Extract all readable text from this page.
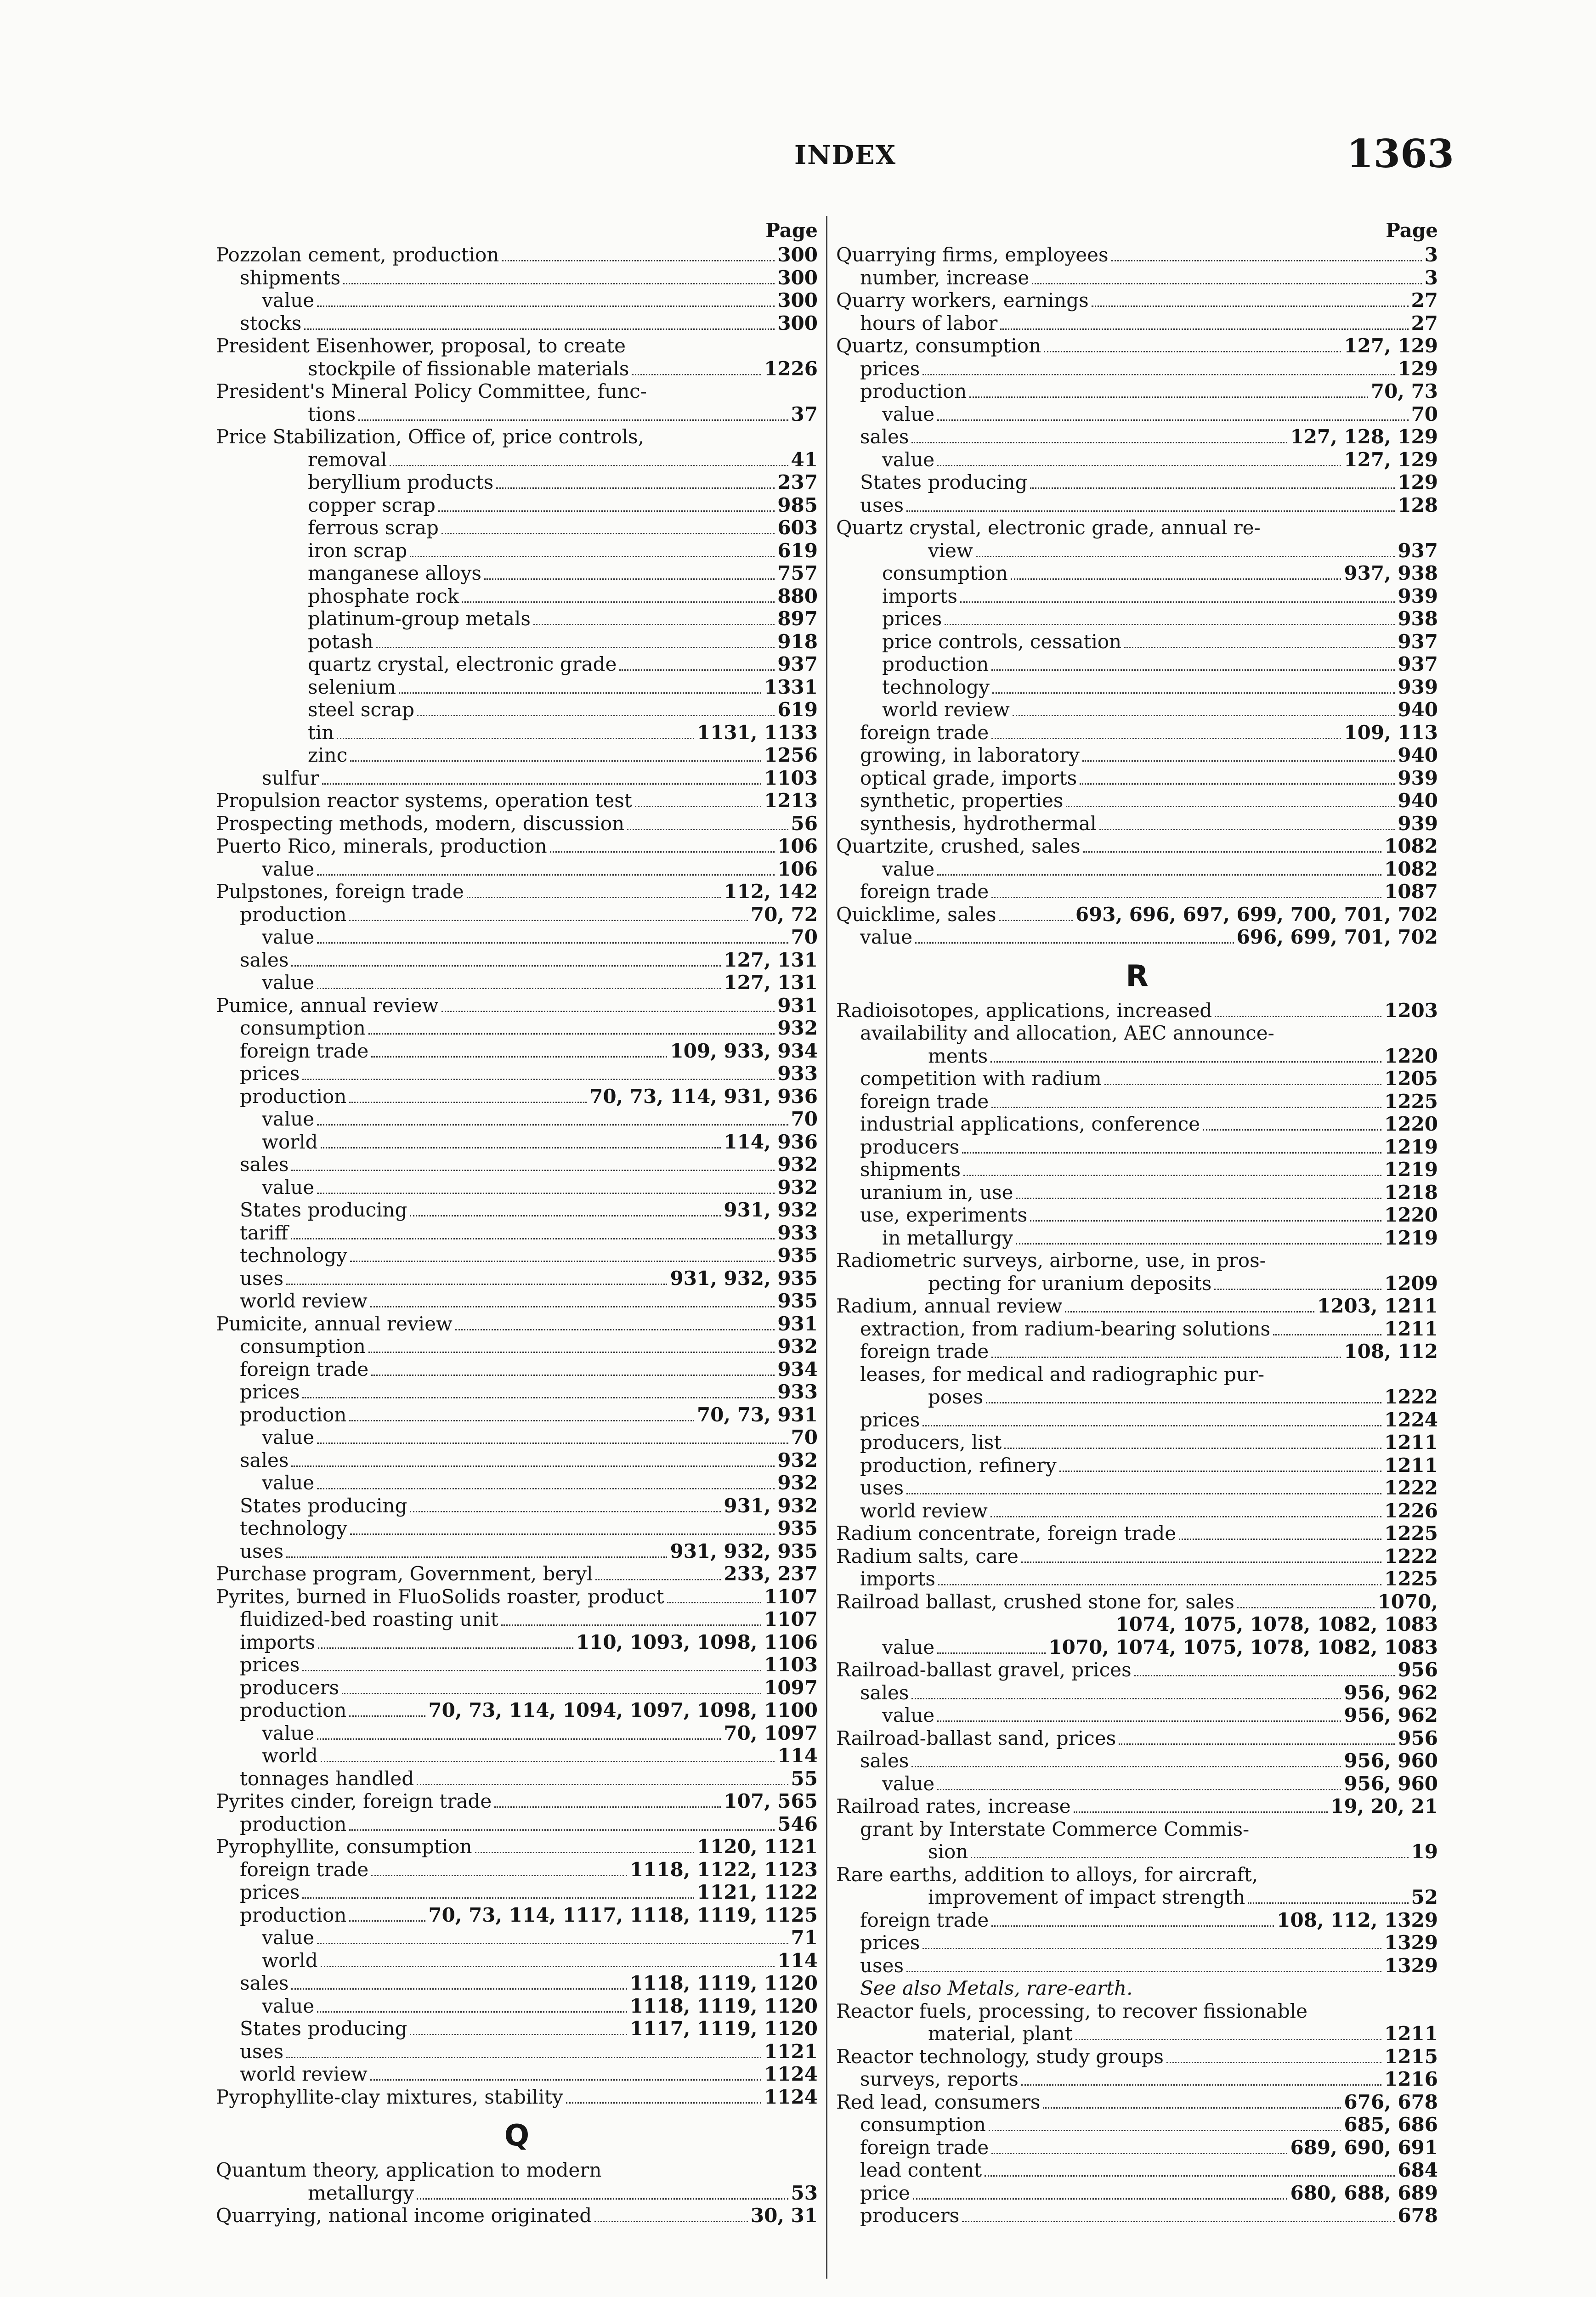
INDEX	1363
Page
Pozzolan cement, production	300
shipments	300
value	300
stocks	300
President Eisenhower, proposal, to create
stockpile of fissionable materials	1226
President's Mineral Policy Committee, func-
tions	37
Price Stabilization, Office of, price controls,
removal	41
beryllium products	237
copper scrap	985
ferrous scrap	603
iron scrap	619
manganese alloys	757
phosphate rock	880
platinum-group metals	897
potash	918
quartz crystal, electronic grade	937
selenium	1331
steel scrap	619
tin	1131, 1133
zinc	1256
sulfur	1103
Propulsion reactor systems, operation test	1213
Prospecting methods, modern, discussion	56
Puerto Rico, minerals, production	106
value	106
Pulpstones, foreign trade	112, 142
production	70, 72
value	70
sales	127, 131
value	127, 131
Pumice, annual review	931
consumption	932
foreign trade	109, 933, 934
prices	933
production	70, 73, 114, 931, 936
value	70
world	114, 936
sales	932
value	932
States producing	931, 932
tariff	933
technology	935
uses	931, 932, 935
world review	935
Pumicite, annual review	931
consumption	932
foreign trade	934
prices	933
production	70, 73, 931
value	70
sales	932
value	932
States producing	931, 932
technology	935
uses	931, 932, 935
Purchase program, Government, beryl	233, 237
Pyrites, burned in FluoSolids roaster, product	1107
fluidized-bed roasting unit	1107
imports	110, 1093, 1098, 1106
prices	1103
producers	1097
production	70, 73, 114, 1094, 1097, 1098, 1100
value	70, 1097
world	114
tonnages handled	55
Pyrites cinder, foreign trade	107, 565
production	546
Pyrophyllite, consumption	1120, 1121
foreign trade	1118, 1122, 1123
prices	1121, 1122
production	70, 73, 114, 1117, 1118, 1119, 1125
value	71
world	114
sales	1118, 1119, 1120
value	1118, 1119, 1120
States producing	1117, 1119, 1120
uses	1121
world review	1124
Pyrophyllite-clay mixtures, stability	1124
Q
Quantum theory, application to modern
metallurgy	53
Quarrying, national income originated	30, 31
Page
Quarrying firms, employees	3
number, increase	3
Quarry workers, earnings	27
hours of labor	27
Quartz, consumption	127, 129
prices	129
production	70, 73
value	70
sales	127, 128, 129
value	127, 129
States producing	129
uses	128
Quartz crystal, electronic grade, annual re-
view	937
consumption	937, 938
imports	939
prices	938
price controls, cessation	937
production	937
technology	939
world review	940
foreign trade	109, 113
growing, in laboratory	940
optical grade, imports	939
synthetic, properties	940
synthesis, hydrothermal	939
Quartzite, crushed, sales	1082
value	1082
foreign trade	1087
Quicklime, sales	693, 696, 697, 699, 700, 701, 702
value	696, 699, 701, 702
R
Radioisotopes, applications, increased	1203
availability and allocation, AEC announce-
ments	1220
competition with radium	1205
foreign trade	1225
industrial applications, conference	1220
producers	1219
shipments	1219
uranium in, use	1218
use, experiments	1220
in metallurgy	1219
Radiometric surveys, airborne, use, in pros-
pecting for uranium deposits	1209
Radium, annual review	1203, 1211
extraction, from radium-bearing solutions	1211
foreign trade	108, 112
leases, for medical and radiographic pur-
poses	1222
prices	1224
producers, list	1211
production, refinery	1211
uses	1222
world review	1226
Radium concentrate, foreign trade	1225
Radium salts, care	1222
imports	1225
Railroad ballast, crushed stone for, sales	1070,
1074, 1075, 1078, 1082, 1083
value	1070, 1074, 1075, 1078, 1082, 1083
Railroad-ballast gravel, prices	956
sales	956, 962
value	956, 962
Railroad-ballast sand, prices	956
sales	956, 960
value	956, 960
Railroad rates, increase	19, 20, 21
grant by Interstate Commerce Commis-
sion	19
Rare earths, addition to alloys, for aircraft,
improvement of impact strength	52
foreign trade	108, 112, 1329
prices	1329
uses	1329
See also Metals, rare-earth.
Reactor fuels, processing, to recover fissionable
material, plant	1211
Reactor technology, study groups	1215
surveys, reports	1216
Red lead, consumers	676, 678
consumption	685, 686
foreign trade	689, 690, 691
lead content	684
price	680, 688, 689
producers	678
